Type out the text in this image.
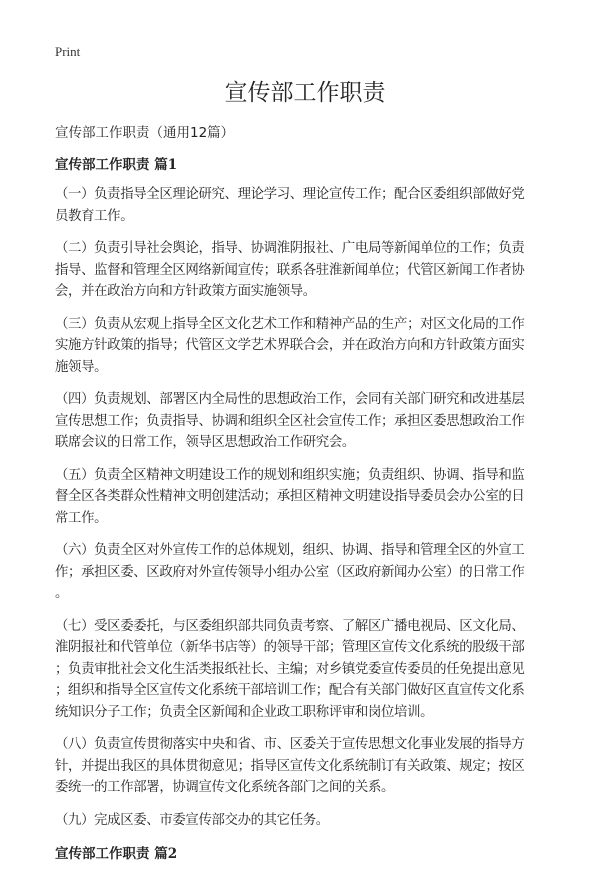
Print
宣传部工作职责
宣传部工作职责（通用12篇）
宣传部工作职责 篇1

（一）负责指导全区理论研究、理论学习、理论宣传工作；配合区委组织部做好党
员教育工作。

（二）负责引导社会舆论，指导、协调淮阴报社、广电局等新闻单位的工作；负责
指导、监督和管理全区网络新闻宣传；联系各驻淮新闻单位；代管区新闻工作者协
会，并在政治方向和方针政策方面实施领导。

（三）负责从宏观上指导全区文化艺术工作和精神产品的生产；对区文化局的工作
实施方针政策的指导；代管区文学艺术界联合会，并在政治方向和方针政策方面实
施领导。

（四）负责规划、部署区内全局性的思想政治工作，会同有关部门研究和改进基层
宣传思想工作；负责指导、协调和组织全区社会宣传工作；承担区委思想政治工作
联席会议的日常工作，领导区思想政治工作研究会。

（五）负责全区精神文明建设工作的规划和组织实施；负责组织、协调、指导和监
督全区各类群众性精神文明创建活动；承担区精神文明建设指导委员会办公室的日
常工作。

（六）负责全区对外宣传工作的总体规划，组织、协调、指导和管理全区的外宣工
作；承担区委、区政府对外宣传领导小组办公室（区政府新闻办公室）的日常工作
。

（七）受区委委托，与区委组织部共同负责考察、了解区广播电视局、区文化局、
淮阴报社和代管单位（新华书店等）的领导干部；管理区宣传文化系统的股级干部
；负责审批社会文化生活类报纸社长、主编；对乡镇党委宣传委员的任免提出意见
；组织和指导全区宣传文化系统干部培训工作；配合有关部门做好区直宣传文化系
统知识分子工作；负责全区新闻和企业政工职称评审和岗位培训。

（八）负责宣传贯彻落实中央和省、市、区委关于宣传思想文化事业发展的指导方
针，并提出我区的具体贯彻意见；指导区宣传文化系统制订有关政策、规定；按区
委统一的工作部署，协调宣传文化系统各部门之间的关系。

（九）完成区委、市委宣传部交办的其它任务。

宣传部工作职责 篇2
